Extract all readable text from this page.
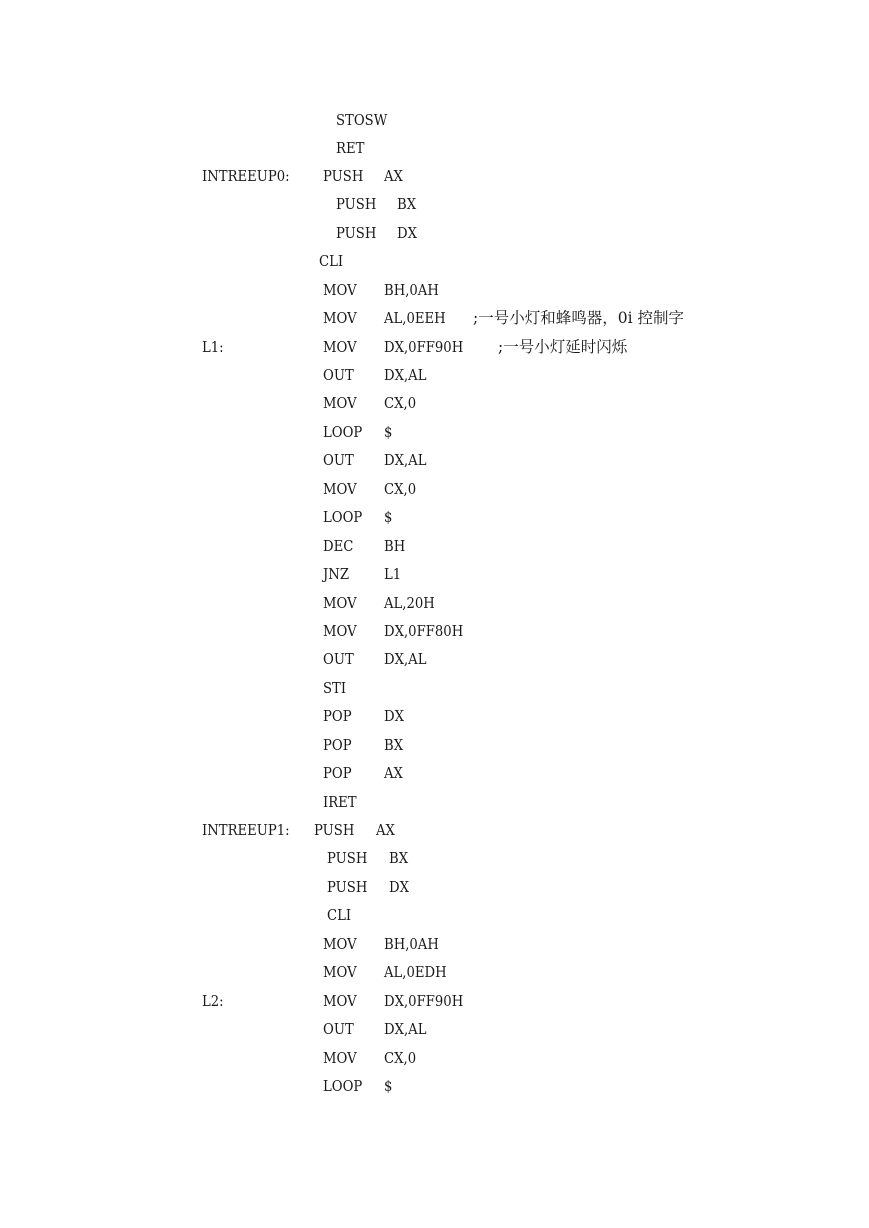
STOSW
RET
INTREEUP0: PUSH AX
PUSH BX
PUSH DX
CLI
MOV BH,0AH
MOV AL,0EEH ;一号小灯和蜂鸣器，0i 控制字
L1:	MOV DX,0FF90H ;一号小灯延时闪烁
OUT DX,AL
MOV CX,0
LOOP $
OUT DX,AL
MOV CX,0
LOOP $
DEC BH
JNZ L1
MOV AL,20H
MOV DX,0FF80H
OUT DX,AL
STI
POP DX
POP BX
POP AX
IRET
INTREEUP1: PUSH AX
PUSH BX
PUSH DX
CLI
MOV BH,0AH
MOV AL,0EDH
L2:	MOV DX,0FF90H
OUT DX,AL
MOV CX,0
LOOP $
